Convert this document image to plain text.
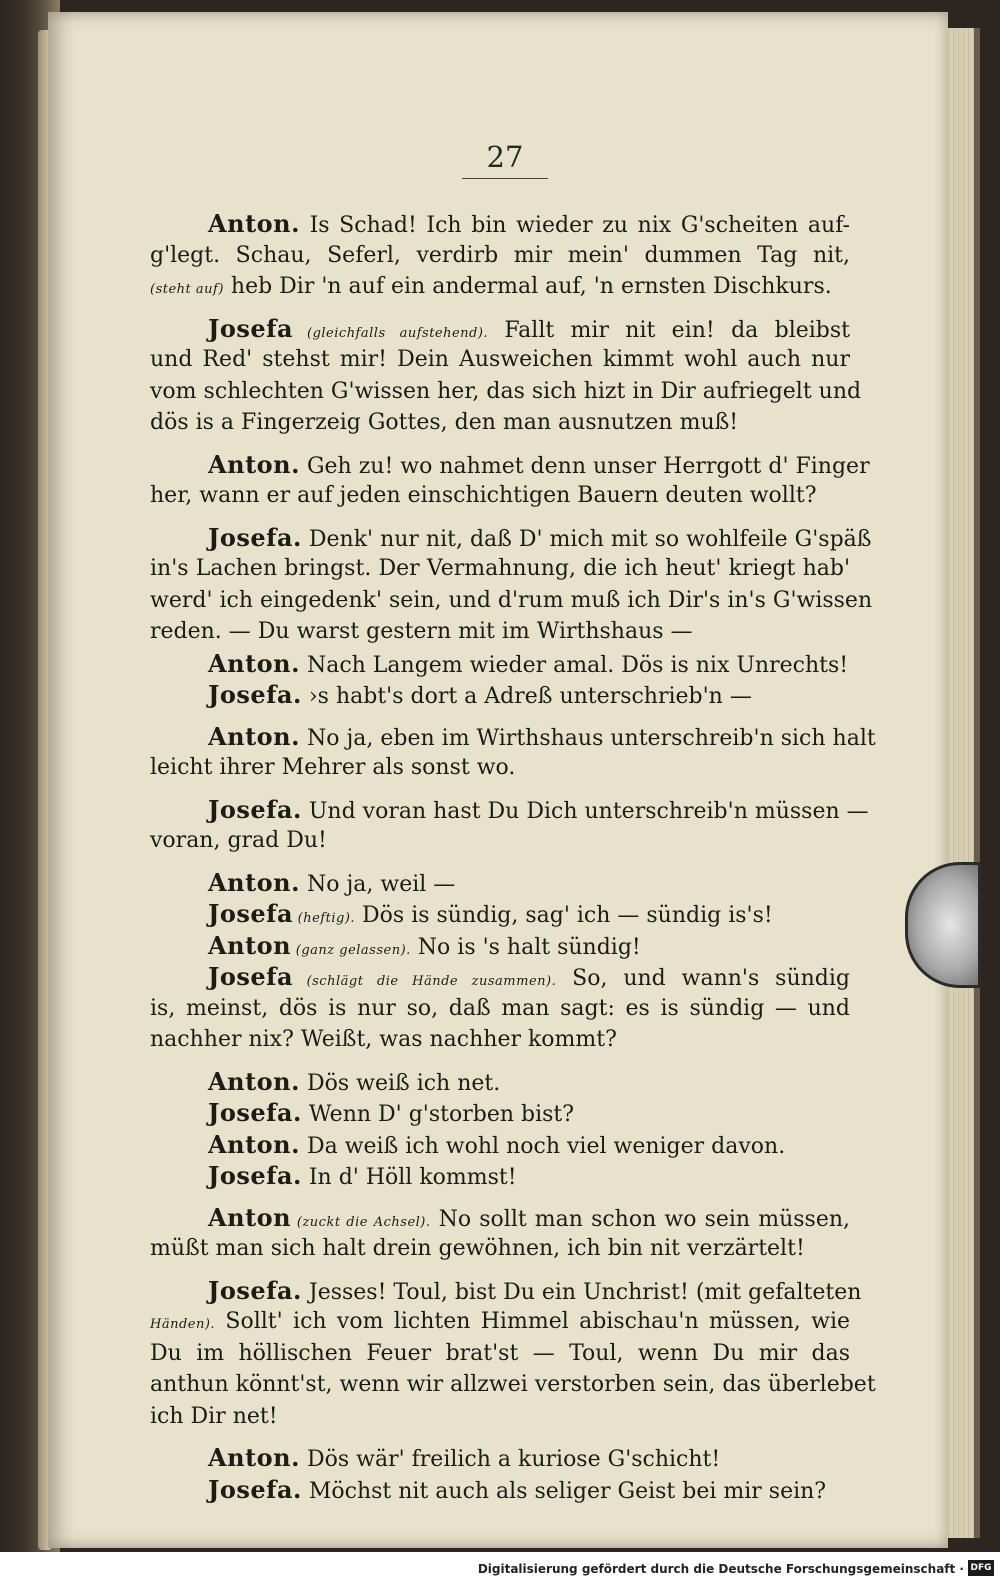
27
Anton. Is Schad! Ich bin wieder zu nix G'scheiten auf-
g'legt. Schau, Seferl, verdirb mir mein' dummen Tag nit,
(steht auf) heb Dir 'n auf ein andermal auf, 'n ernsten Dischkurs.
Josefa (gleichfalls aufstehend). Fallt mir nit ein! da bleibst
und Red' stehst mir! Dein Ausweichen kimmt wohl auch nur
vom schlechten G'wissen her, das sich hizt in Dir aufriegelt und
dös is a Fingerzeig Gottes, den man ausnutzen muß!
Anton. Geh zu! wo nahmet denn unser Herrgott d' Finger
her, wann er auf jeden einschichtigen Bauern deuten wollt?
Josefa. Denk' nur nit, daß D' mich mit so wohlfeile G'späß
in's Lachen bringst. Der Vermahnung, die ich heut' kriegt hab'
werd' ich eingedenk' sein, und d'rum muß ich Dir's in's G'wissen
reden. — Du warst gestern mit im Wirthshaus —
Anton. Nach Langem wieder amal. Dös is nix Unrechts!
Josefa. ›s habt's dort a Adreß unterschrieb'n —
Anton. No ja, eben im Wirthshaus unterschreib'n sich halt
leicht ihrer Mehrer als sonst wo.
Josefa. Und voran hast Du Dich unterschreib'n müssen —
voran, grad Du!
Anton. No ja, weil —
Josefa (heftig). Dös is sündig, sag' ich — sündig is's!
Anton (ganz gelassen). No is 's halt sündig!
Josefa (schlägt die Hände zusammen). So, und wann's sündig
is, meinst, dös is nur so, daß man sagt: es is sündig — und
nachher nix? Weißt, was nachher kommt?
Anton. Dös weiß ich net.
Josefa. Wenn D' g'storben bist?
Anton. Da weiß ich wohl noch viel weniger davon.
Josefa. In d' Höll kommst!
Anton (zuckt die Achsel). No sollt man schon wo sein müssen,
müßt man sich halt drein gewöhnen, ich bin nit verzärtelt!
Josefa. Jesses! Toul, bist Du ein Unchrist! (mit gefalteten
Händen). Sollt' ich vom lichten Himmel abischau'n müssen, wie
Du im höllischen Feuer brat'st — Toul, wenn Du mir das
anthun könnt'st, wenn wir allzwei verstorben sein, das überlebet
ich Dir net!
Anton. Dös wär' freilich a kuriose G'schicht!
Josefa. Möchst nit auch als seliger Geist bei mir sein?
Digitalisierung gefördert durch die Deutsche Forschungsgemeinschaft · DFG
